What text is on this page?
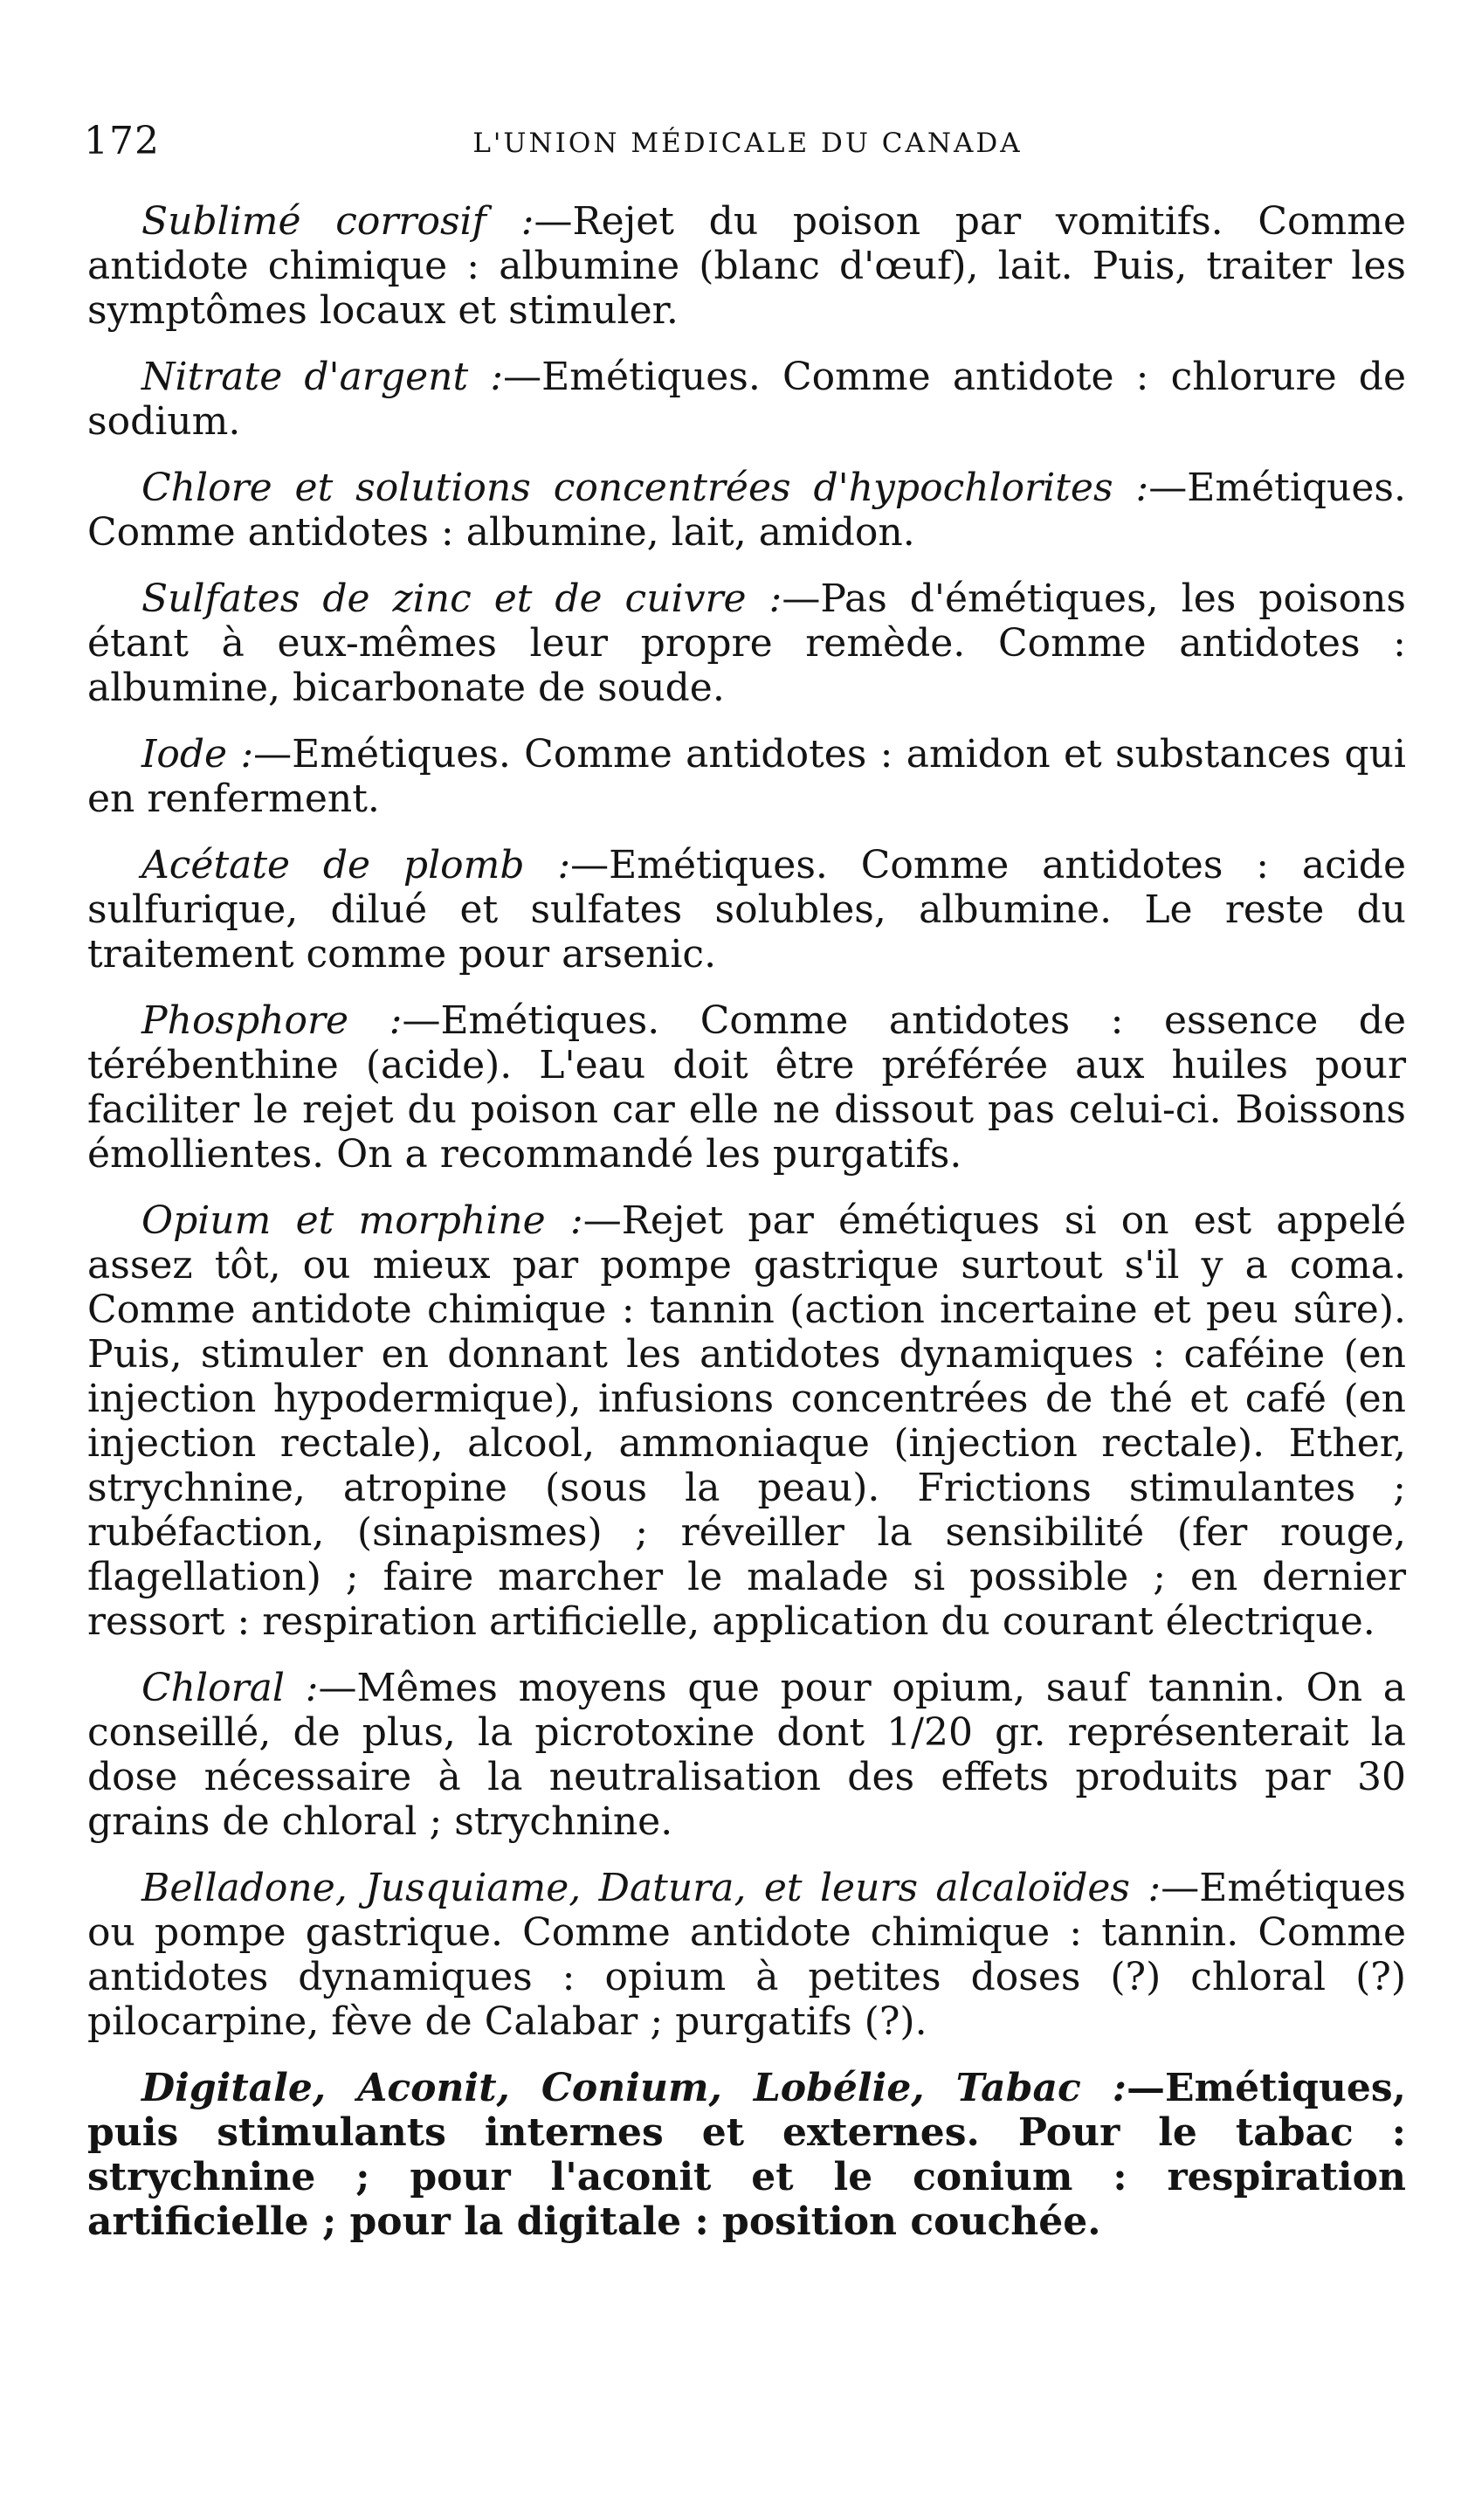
172	L'UNION MÉDICALE DU CANADA

Sublimé corrosif :—Rejet du poison par vomitifs. Comme antidote chimique : albumine (blanc d'œuf), lait. Puis, traiter les symptômes locaux et stimuler.

Nitrate d'argent :—Emétiques. Comme antidote : chlorure de sodium.

Chlore et solutions concentrées d'hypochlorites :—Emétiques. Comme antidotes : albumine, lait, amidon.

Sulfates de zinc et de cuivre :—Pas d'émétiques, les poisons étant à eux-mêmes leur propre remède. Comme antidotes : albumine, bicarbonate de soude.

Iode :—Emétiques. Comme antidotes : amidon et substances qui en renferment.

Acétate de plomb :—Emétiques. Comme antidotes : acide sulfurique, dilué et sulfates solubles, albumine. Le reste du traitement comme pour arsenic.

Phosphore :—Emétiques. Comme antidotes : essence de térébenthine (acide). L'eau doit être préférée aux huiles pour faciliter le rejet du poison car elle ne dissout pas celui-ci. Boissons émollientes. On a recommandé les purgatifs.

Opium et morphine :—Rejet par émétiques si on est appelé assez tôt, ou mieux par pompe gastrique surtout s'il y a coma. Comme antidote chimique : tannin (action incertaine et peu sûre). Puis, stimuler en donnant les antidotes dynamiques : caféine (en injection hypodermique), infusions concentrées de thé et café (en injection rectale), alcool, ammoniaque (injection rectale). Ether, strychnine, atropine (sous la peau). Frictions stimulantes ; rubéfaction, (sinapismes) ; réveiller la sensibilité (fer rouge, flagellation) ; faire marcher le malade si possible ; en dernier ressort : respiration artificielle, application du courant électrique.

Chloral :—Mêmes moyens que pour opium, sauf tannin. On a conseillé, de plus, la picrotoxine dont 1/20 gr. représenterait la dose nécessaire à la neutralisation des effets produits par 30 grains de chloral ; strychnine.

Belladone, Jusquiame, Datura, et leurs alcaloïdes :—Emétiques ou pompe gastrique. Comme antidote chimique : tannin. Comme antidotes dynamiques : opium à petites doses (?) chloral (?) pilocarpine, fève de Calabar ; purgatifs (?).

Digitale, Aconit, Conium, Lobélie, Tabac :—Emétiques, puis stimulants internes et externes. Pour le tabac : strychnine ; pour l'aconit et le conium : respiration artificielle ; pour la digitale : position couchée.
